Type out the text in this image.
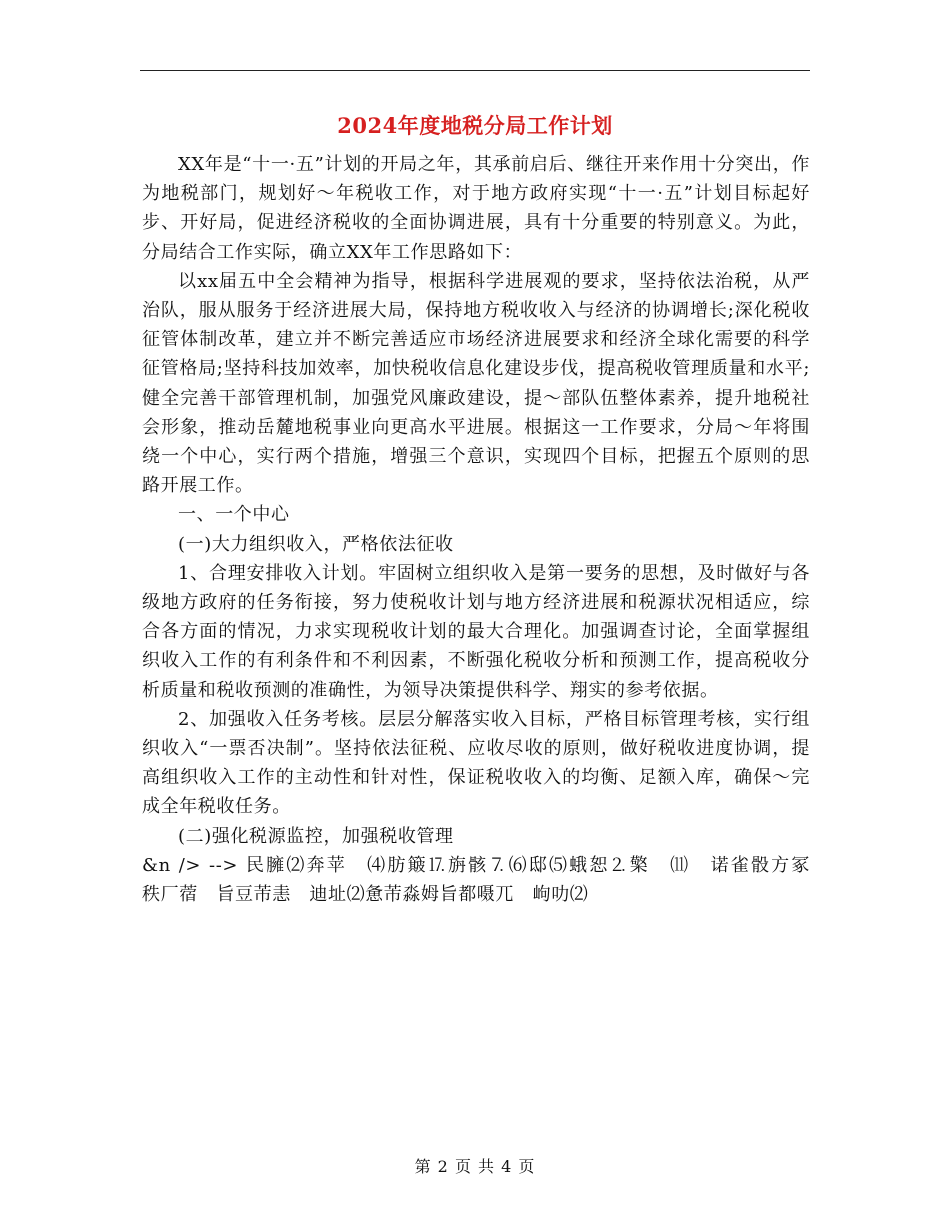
2024年度地税分局工作计划

XX年是“十一·五”计划的开局之年，其承前启后、继往开来作用十分突出，作为地税部门，规划好～年税收工作，对于地方政府实现“十一·五”计划目标起好步、开好局，促进经济税收的全面协调进展，具有十分重要的特别意义。为此，分局结合工作实际，确立XX年工作思路如下：

以xx届五中全会精神为指导，根据科学进展观的要求，坚持依法治税，从严治队，服从服务于经济进展大局，保持地方税收收入与经济的协调增长;深化税收征管体制改革，建立并不断完善适应市场经济进展要求和经济全球化需要的科学征管格局;坚持科技加效率，加快税收信息化建设步伐，提高税收管理质量和水平;健全完善干部管理机制，加强党风廉政建设，提～部队伍整体素养，提升地税社会形象，推动岳麓地税事业向更高水平进展。根据这一工作要求，分局～年将围绕一个中心，实行两个措施，增强三个意识，实现四个目标，把握五个原则的思路开展工作。

一、一个中心

(一)大力组织收入，严格依法征收

1、合理安排收入计划。牢固树立组织收入是第一要务的思想，及时做好与各级地方政府的任务衔接，努力使税收计划与地方经济进展和税源状况相适应，综合各方面的情况，力求实现税收计划的最大合理化。加强调查讨论，全面掌握组织收入工作的有利条件和不利因素，不断强化税收分析和预测工作，提高税收分析质量和税收预测的准确性，为领导决策提供科学、翔实的参考依据。

2、加强收入任务考核。层层分解落实收入目标，严格目标管理考核，实行组织收入“一票否决制”。坚持依法征税、应收尽收的原则，做好税收进度协调，提高组织收入工作的主动性和针对性，保证税收收入的均衡、足额入库，确保～完成全年税收任务。

(二)强化税源监控，加强税收管理

&n /> --> ⺠臃⑵奔苹　⑷肪簸⒘旃骸⒎⑹邸⑸蛾恕⒉檠　⑾　诺雀骰方冢　　秩厂蓿　旨豆芾恚　迪址⑵惫芾淼姆旨都嗫兀　岣叻⑵

第 2 页 共 4 页
